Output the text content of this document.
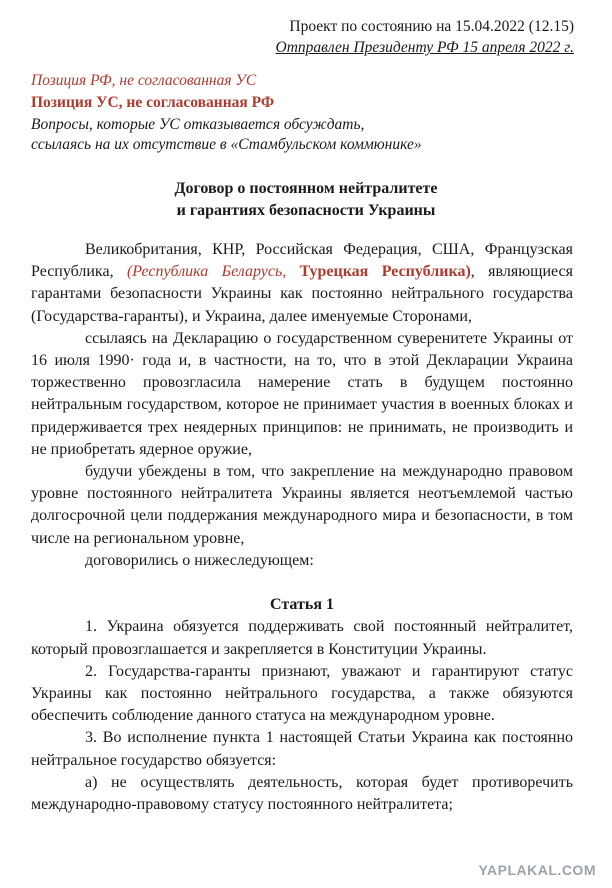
Проект по состоянию на 15.04.2022 (12.15)
Отправлен Президенту РФ 15 апреля 2022 г.
Позиция РФ, не согласованная УС
Позиция УС, не согласованная РФ
Вопросы, которые УС отказывается обсуждать,
ссылаясь на их отсутствие в «Стамбульском коммюнике»
Договор о постоянном нейтралитете
и гарантиях безопасности Украины

Великобритания, КНР, Российская Федерация, США, Французская Республика, (Республика Беларусь, Турецкая Республика), являющиеся гарантами безопасности Украины как постоянно нейтрального государства (Государства-гаранты), и Украина, далее именуемые Сторонами,

ссылаясь на Декларацию о государственном суверенитете Украины от 16 июля 1990· года и, в частности, на то, что в этой Декларации Украина торжественно провозгласила намерение стать в будущем постоянно нейтральным государством, которое не принимает участия в военных блоках и придерживается трех неядерных принципов: не принимать, не производить и не приобретать ядерное оружие,

будучи убеждены в том, что закрепление на международно правовом уровне постоянного нейтралитета Украины является неотъемлемой частью долгосрочной цели поддержания международного мира и безопасности, в том числе на региональном уровне,

договорились о нижеследующем:

Статья 1

1. Украина обязуется поддерживать свой постоянный нейтралитет, который провозглашается и закрепляется в Конституции Украины.

2. Государства-гаранты признают, уважают и гарантируют статус Украины как постоянно нейтрального государства, а также обязуются обеспечить соблюдение данного статуса на международном уровне.

3. Во исполнение пункта 1 настоящей Статьи Украина как постоянно нейтральное государство обязуется:

а) не осуществлять деятельность, которая будет противоречить международно-правовому статусу постоянного нейтралитета;

YAPLAKAL.COM
